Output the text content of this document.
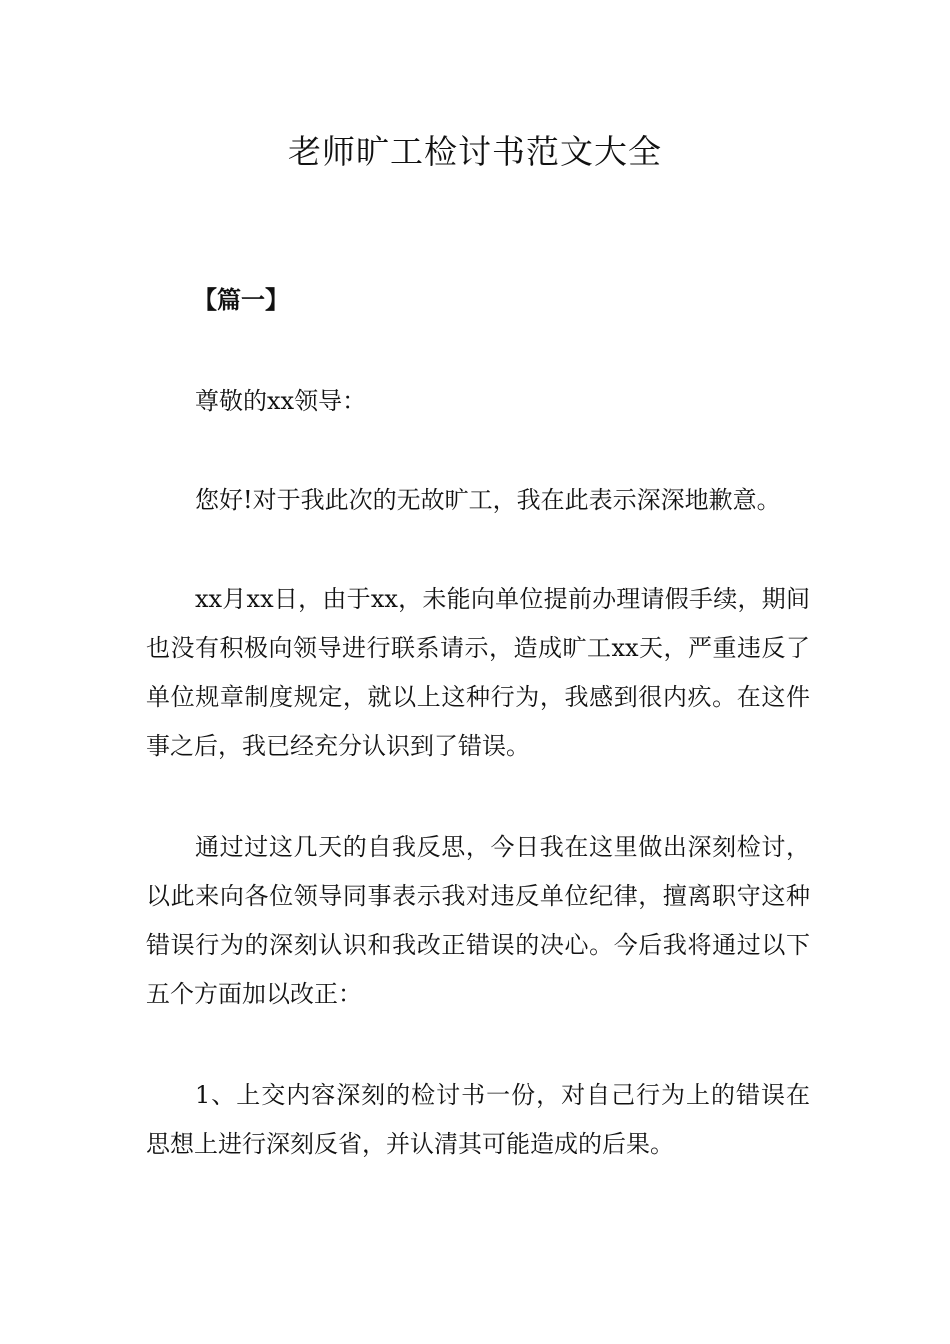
老师旷工检讨书范文大全

【篇一】

尊敬的xx领导：

您好!对于我此次的无故旷工，我在此表示深深地歉意。

xx月xx日，由于xx，未能向单位提前办理请假手续，期间也没有积极向领导进行联系请示，造成旷工xx天，严重违反了单位规章制度规定，就以上这种行为，我感到很内疚。在这件事之后，我已经充分认识到了错误。

通过过这几天的自我反思，今日我在这里做出深刻检讨，以此来向各位领导同事表示我对违反单位纪律，擅离职守这种错误行为的深刻认识和我改正错误的决心。今后我将通过以下五个方面加以改正：

1、上交内容深刻的检讨书一份，对自己行为上的错误在思想上进行深刻反省，并认清其可能造成的后果。
